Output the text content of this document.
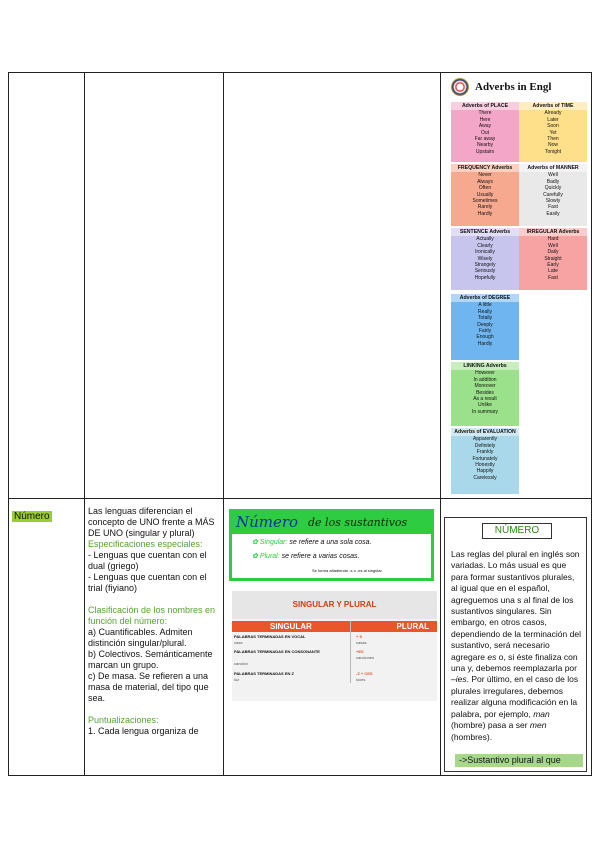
Adverbs in Engl
Adverbs of PLACE
There
Here
Away
Out
Far away
Nearby
Upstairs
Adverbs of TIME
Already
Later
Soon
Yet
Then
Now
Tonight
FREQUENCY Adverbs
Never
Always
Often
Usually
Sometimes
Rarely
Hardly
Adverbs of MANNER
Well
Badly
Quickly
Carefully
Slowly
Fast
Easily
SENTENCE Adverbs
Actually
Clearly
Ironically
Wisely
Strangely
Seriously
Hopefully
IRREGULAR Adverbs
Hard
Well
Daily
Straight
Early
Late
Fast
Adverbs of DEGREE
A little
Really
Totally
Deeply
Fairly
Enough
Hardly
LINKING Adverbs
However
In addition
Moreover
Besides
As a result
Unlike
In summary
Adverbs of EVALUATION
Apparently
Definitely
Frankly
Fortunately
Honestly
Happily
Carelessly
Número	Las lenguas diferencian el concepto de UNO frente a MÁS DE UNO (singular y plural)
Especificaciones especiales:
- Lenguas que cuentan con el dual (griego)
- Lenguas que cuentan con el trial (fiyiano)
Clasificación de los nombres en función del número:
a) Cuantificables. Admiten distinción singular/plural.
b) Colectivos. Semánticamente marcan un grupo.
c) De masa. Se refieren a una masa de material, del tipo que sea.
Puntualizaciones:
1. Cada lengua organiza de
Número de los sustantivos
✿ Singular: se refiere a una sola cosa.
✿ Plural: se refiere a varias cosas.
Se forma añadiendo -s o -es al singular.
SINGULAR Y PLURAL
SINGULAR	PLURAL
PALABRAS TERMINADAS EN VOCAL
casa
+ S
casas
PALABRAS TERMINADAS EN CONSONANTE
canción
+ES
canciones
PALABRAS TERMINADAS EN Z
luz
-Z + CES
luces
NÚMERO
Las reglas del plural en inglés son variadas. Lo más usual es que para formar sustantivos plurales, al igual que en el español, agreguemos una s al final de los sustantivos singulares. Sin embargo, en otros casos, dependiendo de la terminación del sustantivo, será necesario agregare es o, si éste finaliza con una y, debemos reemplazarla por –ies. Por último, en el caso de los plurales irregulares, debemos realizar alguna modificación en la palabra, por ejemplo, man (hombre) pasa a ser men (hombres).
->Sustantivo plural al que
